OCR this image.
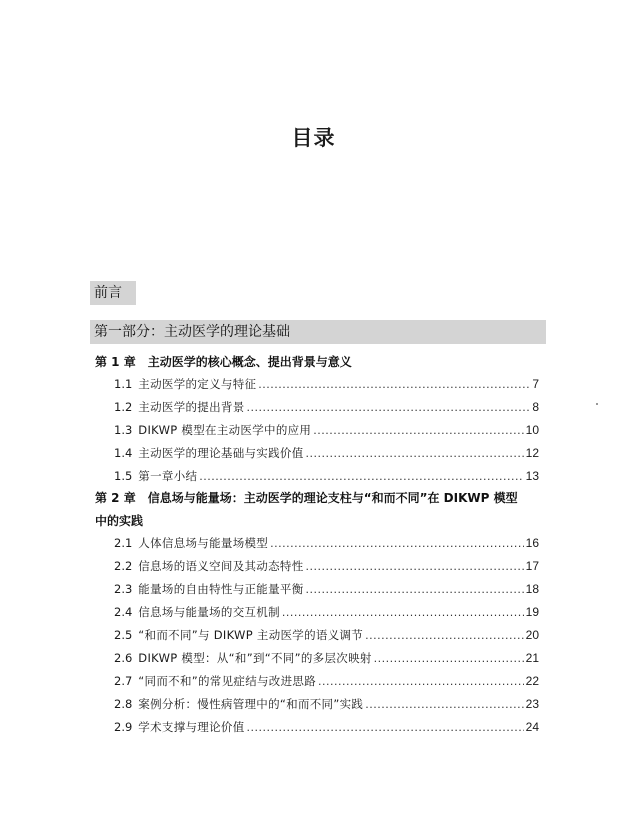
目录
前言
第一部分：主动医学的理论基础
第 1 章　主动医学的核心概念、提出背景与意义
1.1 主动医学的定义与特征 .....	7
1.2 主动医学的提出背景 .....	8
1.3 DIKWP 模型在主动医学中的应用 .....	10
1.4 主动医学的理论基础与实践价值 .....	12
1.5 第一章小结 .....	13
第 2 章　信息场与能量场：主动医学的理论支柱与“和而不同”在 DIKWP 模型
中的实践
2.1 人体信息场与能量场模型 .....	16
2.2 信息场的语义空间及其动态特性 .....	17
2.3 能量场的自由特性与正能量平衡 .....	18
2.4 信息场与能量场的交互机制 .....	19
2.5 “和而不同”与 DIKWP 主动医学的语义调节 .....	20
2.6 DIKWP 模型：从“和”到“不同”的多层次映射 .....	21
2.7 “同而不和”的常见症结与改进思路 .....	22
2.8 案例分析：慢性病管理中的“和而不同”实践 .....	23
2.9 学术支撑与理论价值 .....	24
